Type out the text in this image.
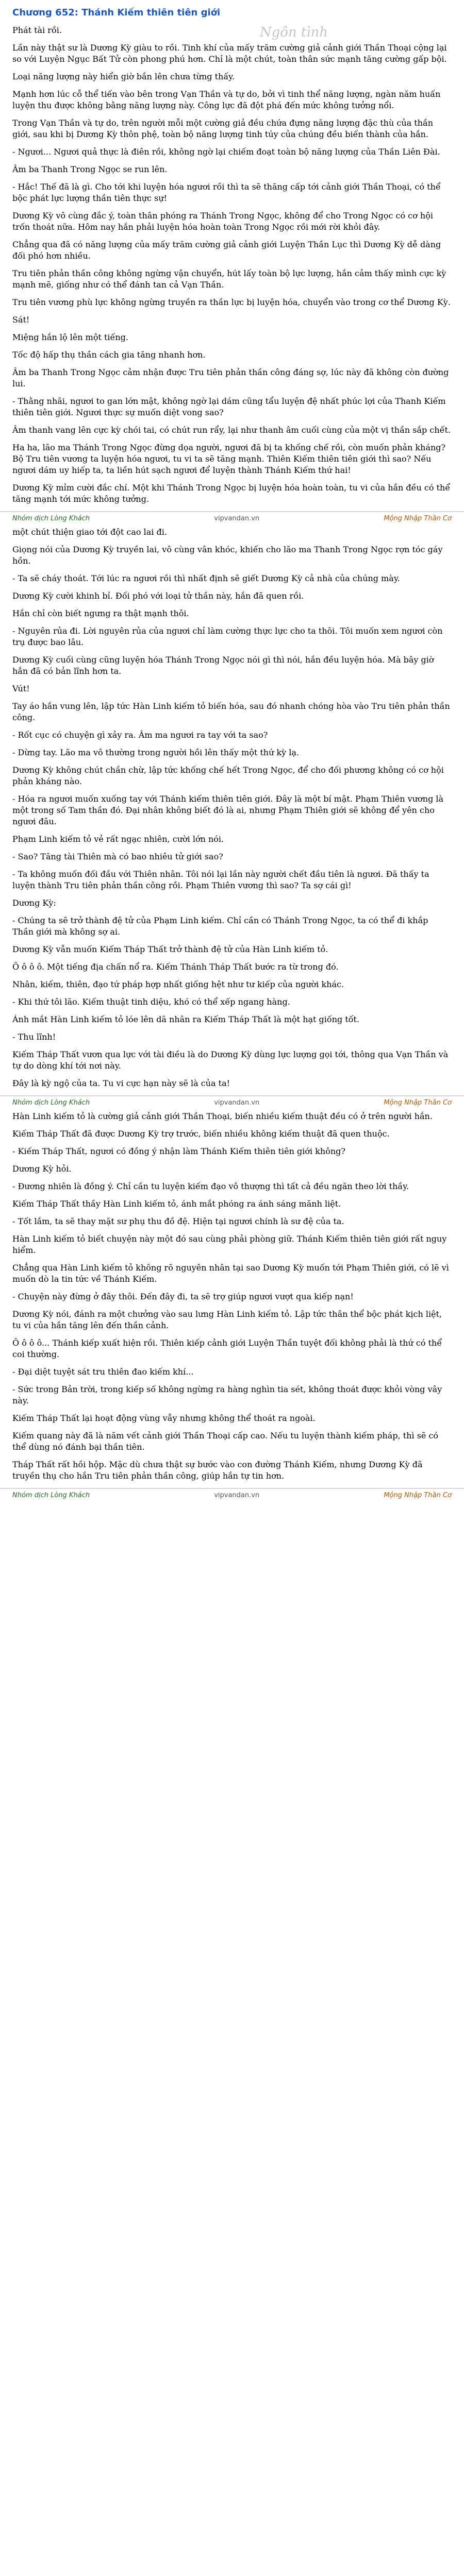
Ngôn tình
Chương 652: Thánh Kiếm thiên tiên giới

Phát tài rồi.

Lần này thật sư là Dương Kỳ giàu to rồi. Tinh khí của mấy trăm cường giả cảnh giới Thần Thoại cộng lại so với Luyện Ngục Bất Tử còn phong phú hơn. Chỉ là một chút, toàn thân sức mạnh tăng cường gấp bội.

Loại năng lượng này hiển giờ bắn lên chưa từng thấy.

Mạnh hơn lúc cỗ thể tiến vào bên trong Vạn Thần và tự do, bởi vì tinh thể năng lượng, ngàn năm huấn luyện thu được không bằng năng lượng này. Công lực đã đột phá đến mức không tưởng nổi.

Trong Vạn Thần và tự do, trên người mỗi một cường giả đều chứa đựng năng lượng đặc thù của thần giới, sau khi bị Dương Kỳ thôn phệ, toàn bộ năng lượng tinh túy của chúng đều biến thành của hắn.

- Ngươi... Ngươi quả thực là điên rồi, không ngờ lại chiếm đoạt toàn bộ năng lượng của Thần Liên Đài.

Âm ba Thanh Trong Ngọc se run lên.

- Hắc! Thế đã là gì. Cho tới khi luyện hóa ngươi rồi thì ta sẽ thăng cấp tới cảnh giới Thần Thoại, có thể bộc phát lực lượng thần tiên thực sự!

Dương Kỳ vô cùng đắc ý, toàn thân phóng ra Thánh Trong Ngọc, không để cho Trong Ngọc có cơ hội trốn thoát nữa. Hôm nay hắn phải luyện hóa hoàn toàn Trong Ngọc rồi mới rời khỏi đây.

Chẳng qua đã có năng lượng của mấy trăm cường giả cảnh giới Luyện Thần Lục thì Dương Kỳ dễ dàng đối phó hơn nhiều.

Tru tiên phản thần công không ngừng vận chuyển, hút lấy toàn bộ lực lượng, hắn cảm thấy mình cực kỳ mạnh mẽ, giống như có thể đánh tan cả Vạn Thần.

Tru tiên vương phù lực không ngừng truyền ra thần lực bị luyện hóa, chuyển vào trong cơ thể Dương Kỳ.

Sát!

Miệng hắn lộ lên một tiếng.

Tốc độ hấp thụ thần cách gia tăng nhanh hơn.

Âm ba Thanh Trong Ngọc cảm nhận được Tru tiên phản thần công đáng sợ, lúc này đã không còn đường lui.

- Thằng nhãi, ngươi to gan lớn mật, không ngờ lại dám cũng tẩu luyện đệ nhất phúc lợi của Thanh Kiếm thiên tiên giới. Ngươi thực sự muốn diệt vong sao?

Âm thanh vang lên cực kỳ chói tai, có chút run rẩy, lại như thanh âm cuối cùng của một vị thần sắp chết.

Ha ha, lão ma Thánh Trong Ngọc đừng dọa người, ngươi đã bị ta khống chế rồi, còn muốn phản kháng? Bộ Tru tiên vương ta luyện hóa ngươi, tu vi ta sẽ tăng mạnh. Thiên Kiếm thiên tiên giới thì sao? Nếu ngươi dám uy hiếp ta, ta liền hút sạch ngươi để luyện thành Thánh Kiếm thứ hai!

Dương Kỳ mỉm cười đắc chí. Một khi Thánh Trong Ngọc bị luyện hóa hoàn toàn, tu vi của hắn đều có thể tăng mạnh tới mức không tưởng.

Nhóm dịch Lòng Khách	vipvandan.vn	Mộng Nhập Thần Cơ

một chút thiện giao tới đột cao lai đi.

Giọng nói của Dương Kỳ truyền lai, vô cùng vân khóc, khiến cho lão ma Thanh Trong Ngọc rợn tóc gáy hồn.

- Ta sẽ cháy thoát. Tới lúc ra ngươi rồi thì nhất định sẽ giết Dương Kỳ cả nhà của chúng mày.

Dương Kỳ cười khinh bỉ. Đối phó với loại tử thần này, hắn đã quen rồi.

Hắn chỉ còn biết ngưng ra thật mạnh thôi.

- Nguyên rủa đi. Lời nguyên rủa của ngươi chỉ làm cường thực lực cho ta thôi. Tôi muốn xem ngươi còn trụ được bao lâu.

Dương Kỳ cuối cùng cũng luyện hóa Thánh Trong Ngọc nói gì thì nói, hắn đều luyện hóa. Mà bây giờ hắn đã có bản lĩnh hơn ta.

Vút!

Tay áo hắn vung lên, lập tức Hàn Linh kiếm tỏ biến hóa, sau đó nhanh chóng hòa vào Tru tiên phản thần công.

- Rốt cục có chuyện gì xảy ra. Âm ma ngươi ra tay với ta sao?

- Dừng tay. Lão ma vô thường trong người hồi lên thấy một thứ kỳ lạ.

Dương Kỳ không chút chần chừ, lập tức khống chế hết Trong Ngọc, để cho đối phương không có cơ hội phản kháng nào.

- Hóa ra ngươi muốn xuống tay với Thánh kiếm thiên tiên giới. Đây là một bí mật. Phạm Thiên vương là một trong số Tam thần đó. Đại nhân không biết đó là ai, nhưng Phạm Thiên giới sẽ không để yên cho ngươi đâu.

Phạm Linh kiếm tỏ vẻ rất ngạc nhiên, cười lớn nói.

- Sao? Tăng tài Thiên mà có bao nhiêu tử giới sao?

- Ta không muốn đối đầu với Thiên nhân. Tôi nói lại lần này người chết đầu tiên là ngươi. Đã thấy ta luyện thành Tru tiên phản thần công rồi. Phạm Thiên vương thì sao? Ta sợ cái gì!

Dương Kỳ:

- Chúng ta sẽ trở thành đệ tử của Phạm Linh kiếm. Chỉ cần có Thánh Trong Ngọc, ta có thể đi khắp Thần giới mà không sợ ai.

Dương Kỳ vẫn muốn Kiếm Tháp Thất trở thành đệ tử của Hàn Linh kiếm tỏ.

Ô ô ô ô. Một tiếng địa chấn nổ ra. Kiếm Thánh Tháp Thất bước ra từ trong đó.

Nhân, kiếm, thiên, đạo tứ pháp hợp nhất giống hệt như tư kiếp của người khác.

- Khi thứ tôi lão. Kiếm thuật tinh diệu, khó có thể xếp ngang hàng.

Ánh mắt Hàn Linh kiếm tỏ lóe lên dã nhân ra Kiếm Tháp Thất là một hạt giống tốt.

- Thu lĩnh!

Kiếm Tháp Thất vươn qua lực với tài điều là do Dương Kỳ dùng lực lượng gọi tới, thông qua Vạn Thần và tự do dòng khí tới nơi này.

Đây là kỳ ngộ của ta. Tu vi cực hạn này sẽ là của ta!

Nhóm dịch Lòng Khách	vipvandan.vn	Mộng Nhập Thần Cơ

Hàn Linh kiếm tỏ là cường giả cảnh giới Thần Thoại, biến nhiều kiếm thuật đều có ở trên người hắn.

Kiếm Tháp Thất đã được Dương Kỳ trợ trước, biến nhiều không kiếm thuật đã quen thuộc.

- Kiếm Tháp Thất, ngươi có đồng ý nhận làm Thánh Kiếm thiên tiên giới không?

Dương Kỳ hỏi.

- Đương nhiên là đồng ý. Chỉ cần tu luyện kiếm đạo vô thượng thì tất cả đều ngăn theo lời thầy.

Kiếm Tháp Thất thầy Hàn Linh kiếm tỏ, ánh mắt phóng ra ánh sáng mãnh liệt.

- Tốt lắm, ta sẽ thay mặt sư phụ thu đồ đệ. Hiện tại ngươi chính là sư đệ của ta.

Hàn Linh kiếm tỏ biết chuyện này một đó sau cùng phải phòng giữ. Thánh Kiếm thiên tiên giới rất nguy hiểm.

Chẳng qua Hàn Linh kiếm tỏ không rõ nguyên nhân tại sao Dương Kỳ muốn tới Phạm Thiên giới, có lẽ vì muốn dò la tin tức về Thánh Kiếm.

- Chuyện này đừng ở đây thôi. Đến đây đi, ta sẽ trợ giúp ngươi vượt qua kiếp nạn!

Dương Kỳ nói, đánh ra một chưởng vào sau lưng Hàn Linh kiếm tỏ. Lập tức thân thể bộc phát kịch liệt, tu vi của hắn tăng lên đến thần cảnh.

Ô ô ô ô... Thánh kiếp xuất hiện rồi. Thiên kiếp cảnh giới Luyện Thần tuyệt đối không phải là thứ có thể coi thường.

- Đại diệt tuyệt sát tru thiên đao kiếm khí...

- Sức trong Bản trời, trong kiếp số không ngừng ra hàng nghìn tia sét, không thoát được khỏi vòng vây này.

Kiếm Tháp Thất lại hoạt động vùng vẫy nhưng không thể thoát ra ngoài.

Kiếm quang này đã là năm vết cảnh giới Thần Thoại cấp cao. Nếu tu luyện thành kiếm pháp, thì sẽ có thể dùng nó đánh bại thần tiên.

Tháp Thất rất hồi hộp. Mặc dù chưa thật sự bước vào con đường Thánh Kiếm, nhưng Dương Kỳ đã truyền thụ cho hắn Tru tiên phản thần công, giúp hắn tự tin hơn.

Nhóm dịch Lòng Khách	vipvandan.vn	Mộng Nhập Thần Cơ
